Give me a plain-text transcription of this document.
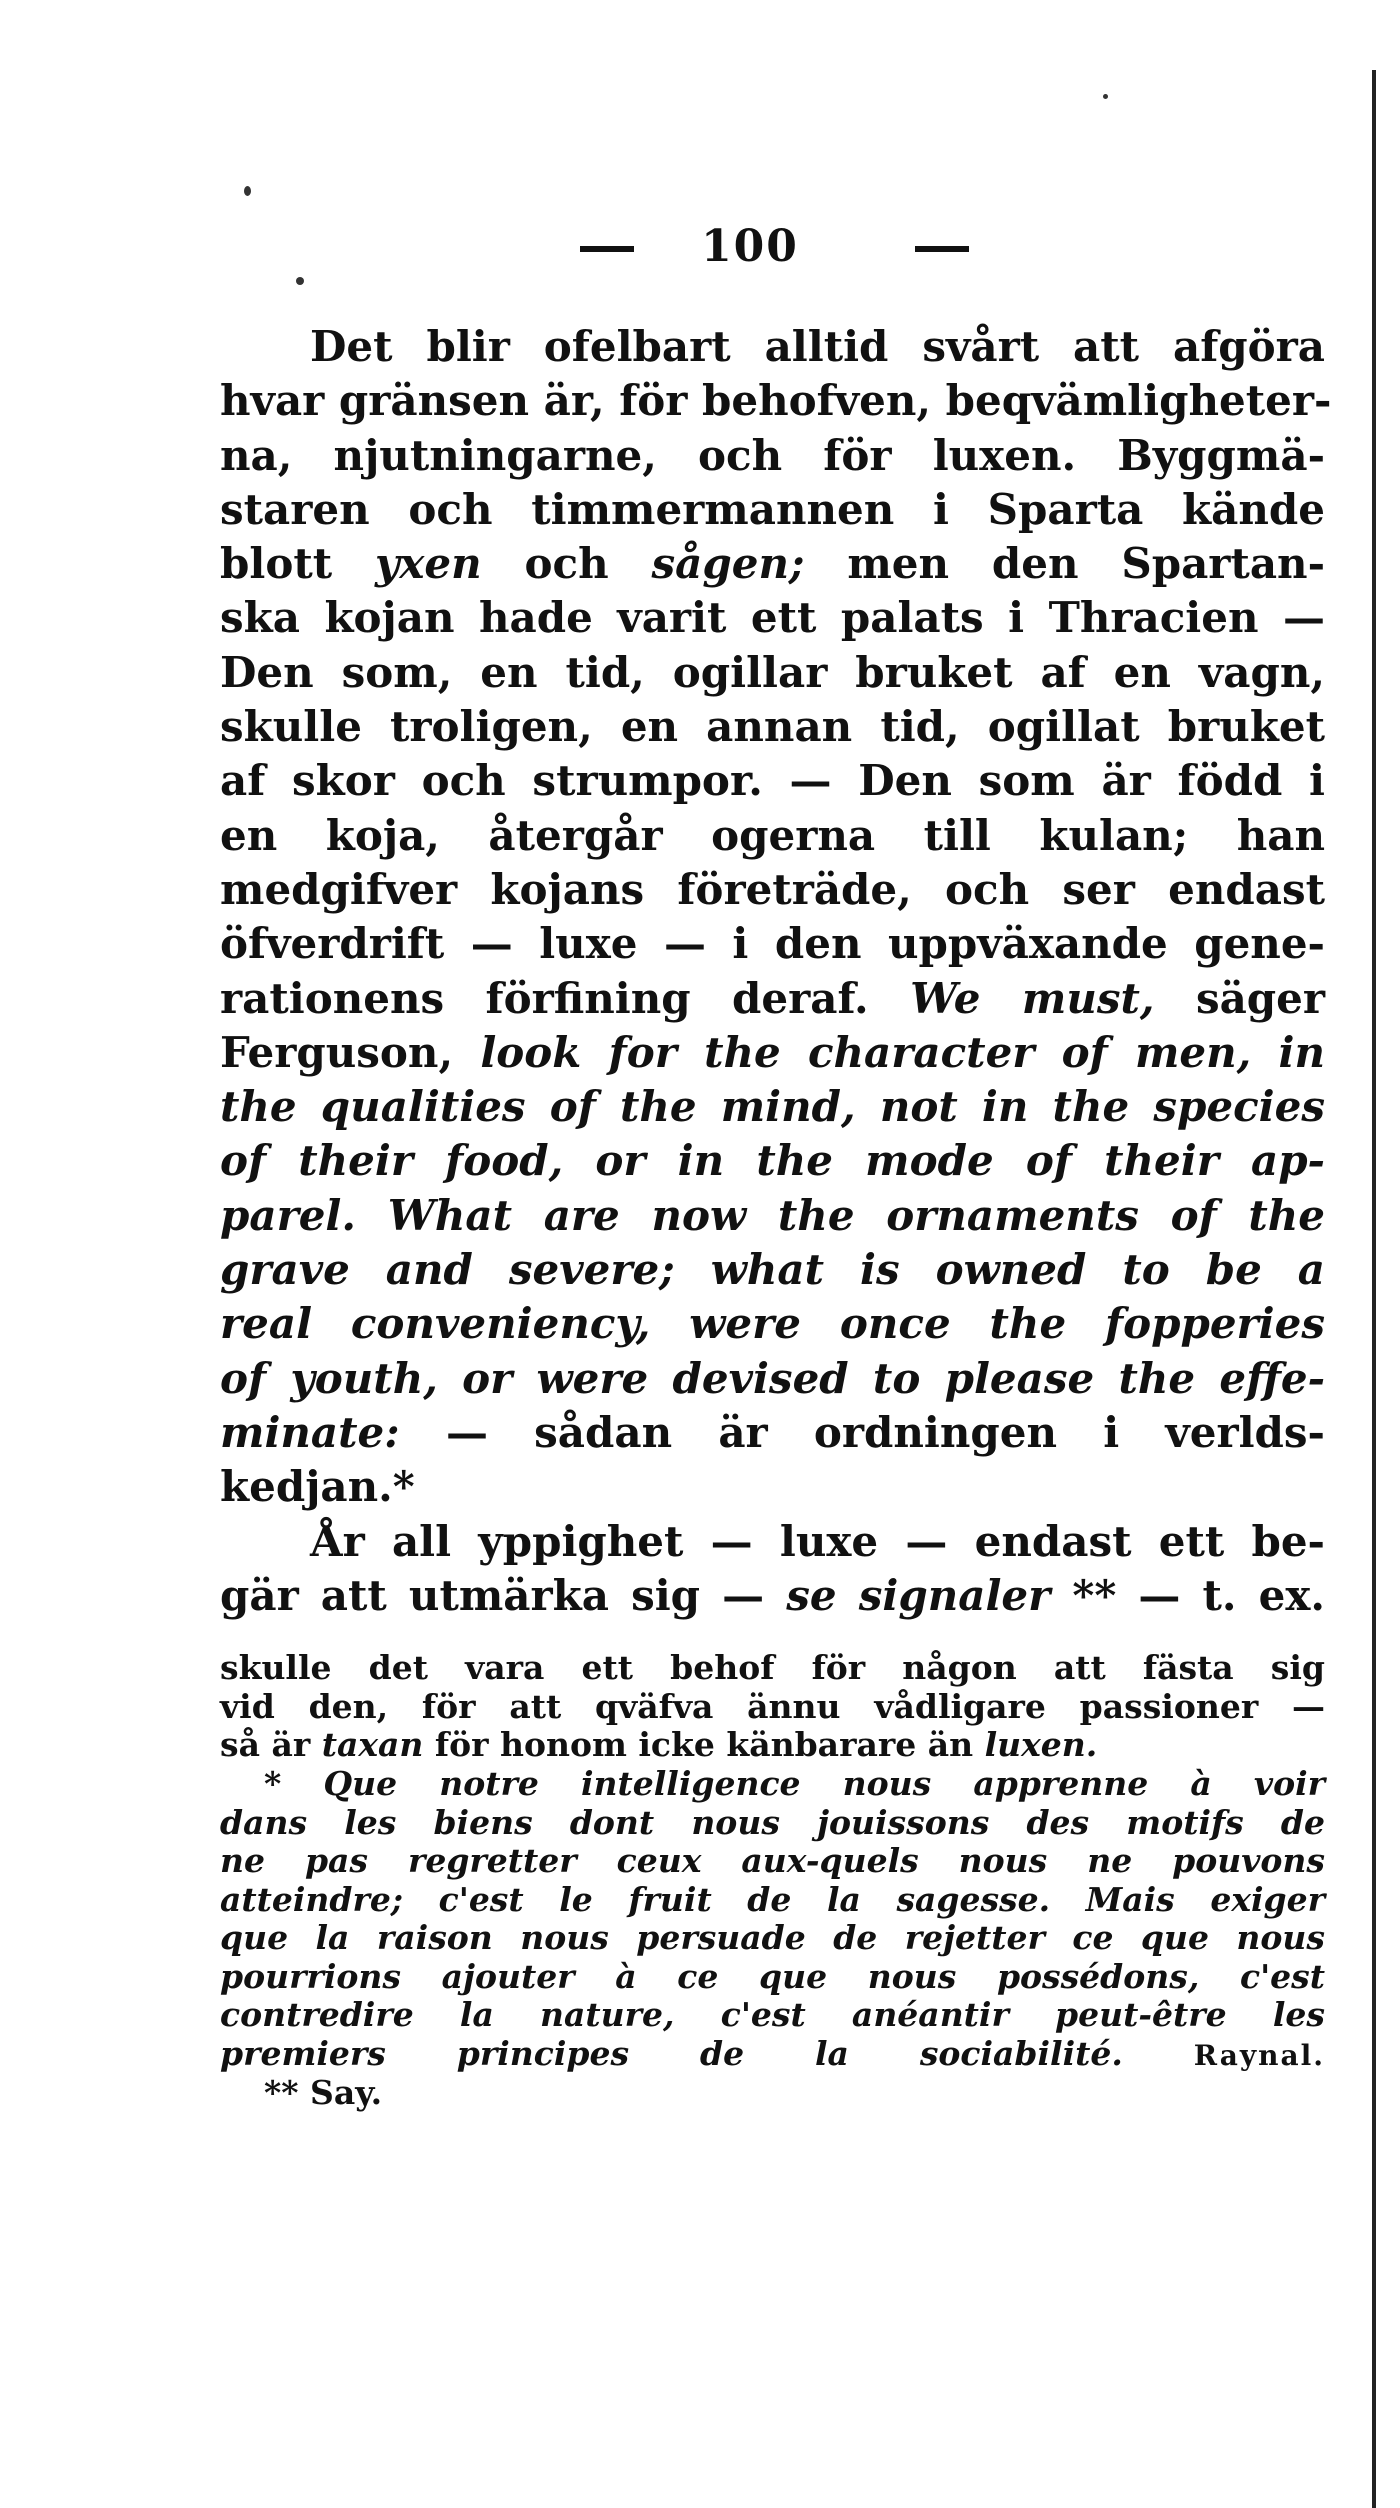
100
Det blir ofelbart alltid svårt att afgöra
hvar gränsen är, för behofven, beqvämligheter-
na, njutningarne, och för luxen. Byggmä-
staren och timmermannen i Sparta kände
blott yxen och sågen; men den Spartan-
ska kojan hade varit ett palats i Thracien —
Den som, en tid, ogillar bruket af en vagn,
skulle troligen, en annan tid, ogillat bruket
af skor och strumpor. — Den som är född i
en koja, återgår ogerna till kulan; han
medgifver kojans företräde, och ser endast
öfverdrift — luxe — i den uppväxande gene-
rationens förfining deraf. We must, säger
Ferguson, look for the character of men, in
the qualities of the mind, not in the species
of their food, or in the mode of their ap-
parel. What are now the ornaments of the
grave and severe; what is owned to be a
real conveniency, were once the fopperies
of youth, or were devised to please the effe-
minate: — sådan är ordningen i verlds-
kedjan.*
År all yppighet — luxe — endast ett be-
gär att utmärka sig — se signaler ** — t. ex.
skulle det vara ett behof för någon att fästa sig
vid den, för att qväfva ännu vådligare passioner —
så är taxan för honom icke känbarare än luxen.
* Que notre intelligence nous apprenne à voir
dans les biens dont nous jouissons des motifs de
ne pas regretter ceux aux-quels nous ne pouvons
atteindre; c'est le fruit de la sagesse. Mais exiger
que la raison nous persuade de rejetter ce que nous
pourrions ajouter à ce que nous possédons, c'est
contredire la nature, c'est anéantir peut-être les
premiers principes de la sociabilité.	Raynal.
** Say.
